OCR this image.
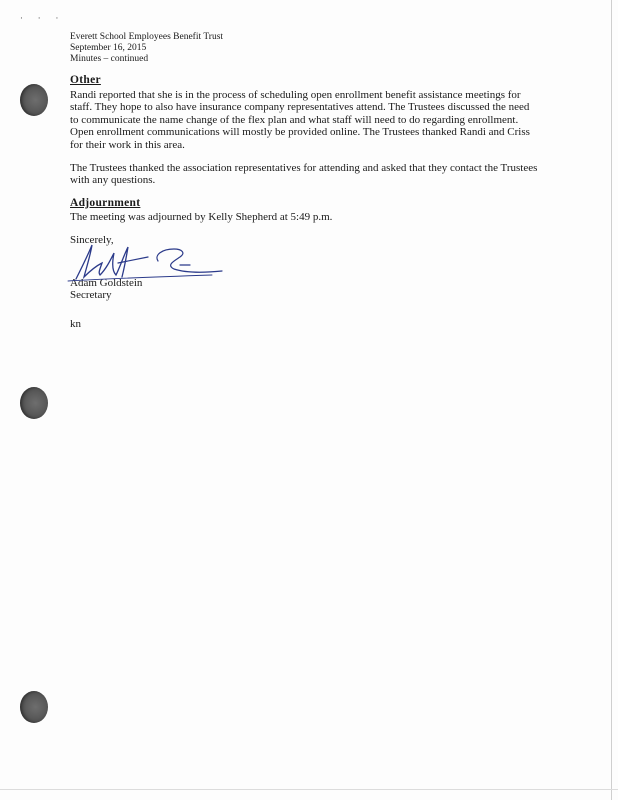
· · ·
Everett School Employees Benefit Trust
September 16, 2015
Minutes – continued
Other

Randi reported that she is in the process of scheduling open enrollment benefit assistance meetings for staff. They hope to also have insurance company representatives attend. The Trustees discussed the need to communicate the name change of the flex plan and what staff will need to do regarding enrollment. Open enrollment communications will mostly be provided online. The Trustees thanked Randi and Criss for their work in this area.

The Trustees thanked the association representatives for attending and asked that they contact the Trustees with any questions.

Adjournment

The meeting was adjourned by Kelly Shepherd at 5:49 p.m.

Sincerely,
Adam Goldstein
Secretary
kn
